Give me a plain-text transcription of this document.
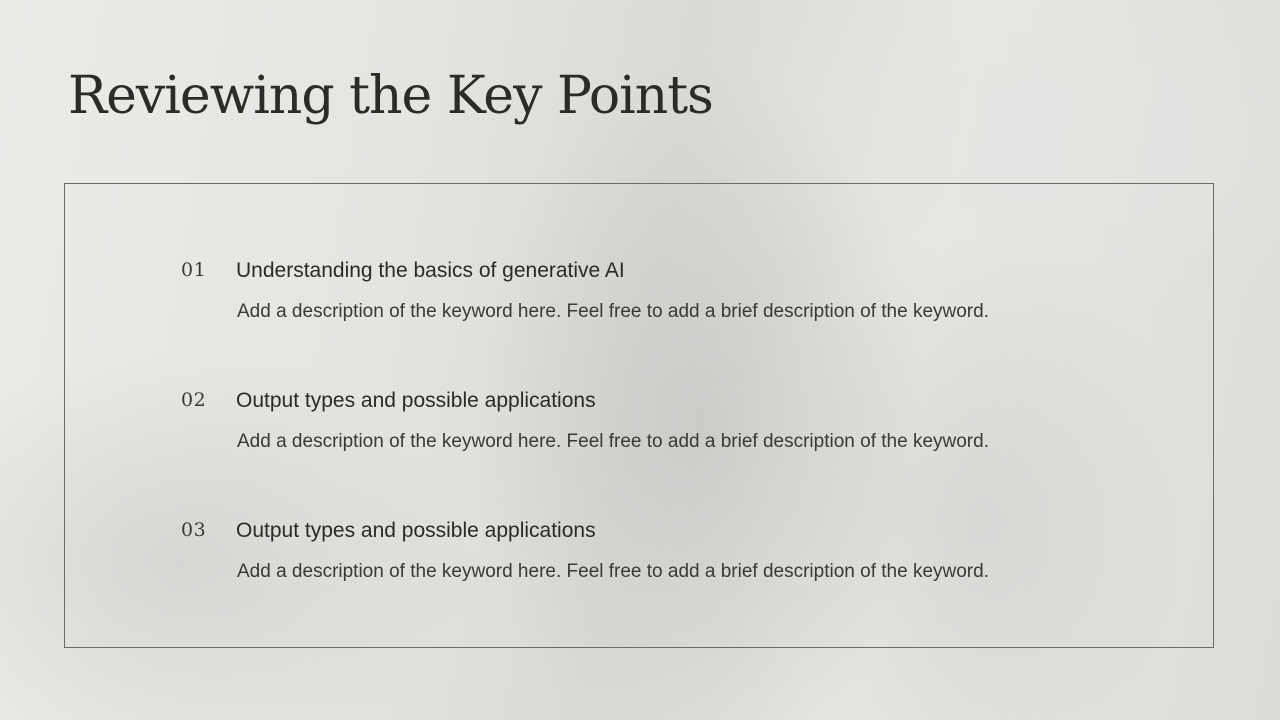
Reviewing the Key Points
01 Understanding the basics of generative AI
Add a description of the keyword here. Feel free to add a brief description of the keyword.
02 Output types and possible applications
Add a description of the keyword here. Feel free to add a brief description of the keyword.
03 Output types and possible applications
Add a description of the keyword here. Feel free to add a brief description of the keyword.
